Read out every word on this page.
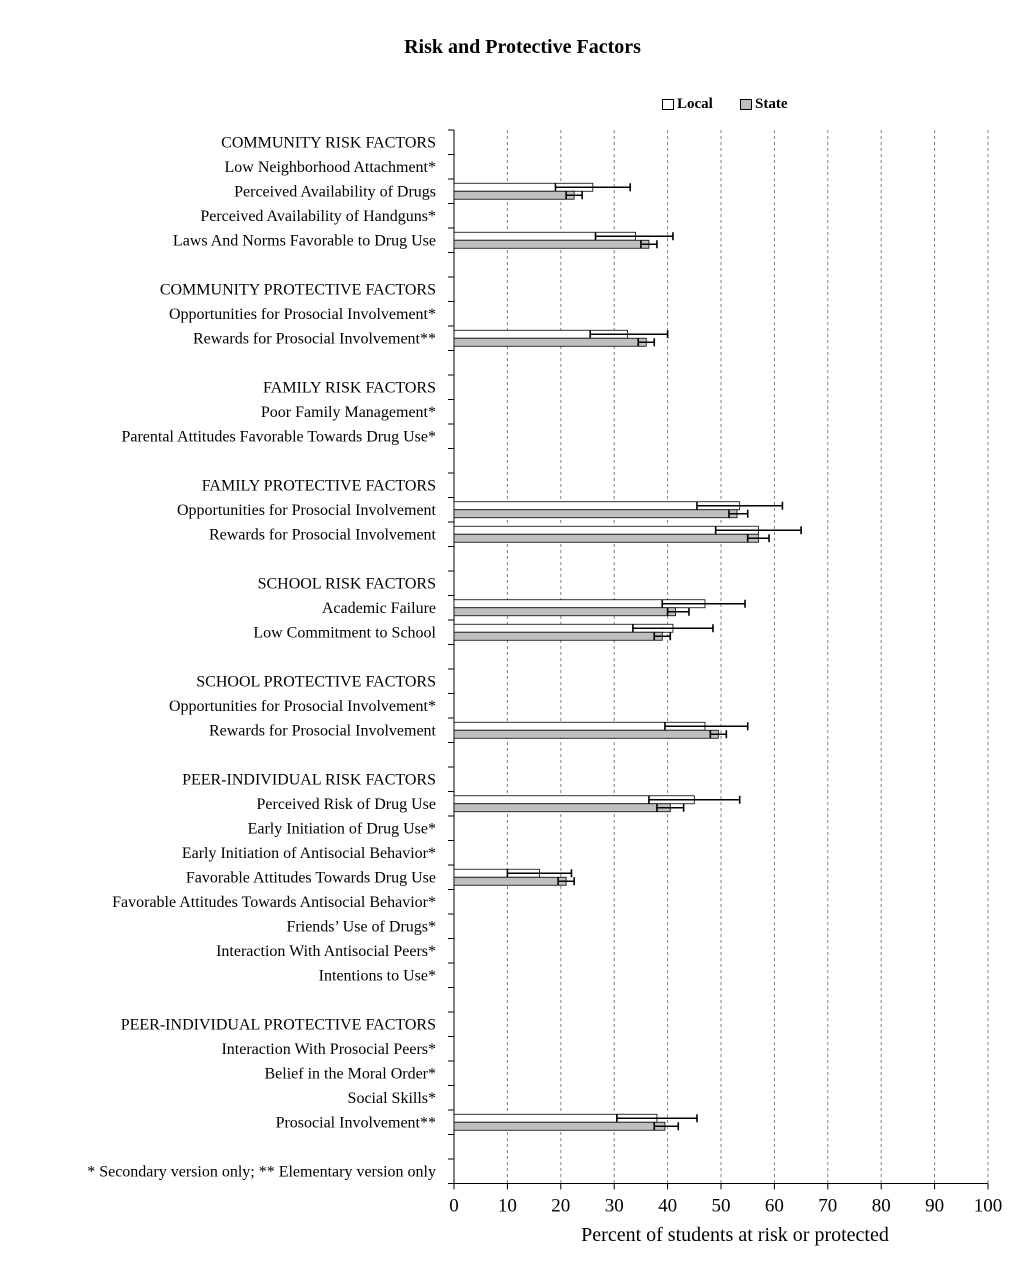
Risk and Protective Factors
Local	State
0 10 20 30 40 50 60 70 80 90 100
COMMUNITY RISK FACTORS
Low Neighborhood Attachment*
Perceived Availability of Drugs
Perceived Availability of Handguns*
Laws And Norms Favorable to Drug Use
COMMUNITY PROTECTIVE FACTORS
Opportunities for Prosocial Involvement*
Rewards for Prosocial Involvement**
FAMILY RISK FACTORS
Poor Family Management*
Parental Attitudes Favorable Towards Drug Use*
FAMILY PROTECTIVE FACTORS
Opportunities for Prosocial Involvement
Rewards for Prosocial Involvement
SCHOOL RISK FACTORS
Academic Failure
Low Commitment to School
SCHOOL PROTECTIVE FACTORS
Opportunities for Prosocial Involvement*
Rewards for Prosocial Involvement
PEER-INDIVIDUAL RISK FACTORS
Perceived Risk of Drug Use
Early Initiation of Drug Use*
Early Initiation of Antisocial Behavior*
Favorable Attitudes Towards Drug Use
Favorable Attitudes Towards Antisocial Behavior*
Friends’ Use of Drugs*
Interaction With Antisocial Peers*
Intentions to Use*
PEER-INDIVIDUAL PROTECTIVE FACTORS
Interaction With Prosocial Peers*
Belief in the Moral Order*
Social Skills*
Prosocial Involvement**
* Secondary version only; ** Elementary version only
Percent of students at risk or protected
